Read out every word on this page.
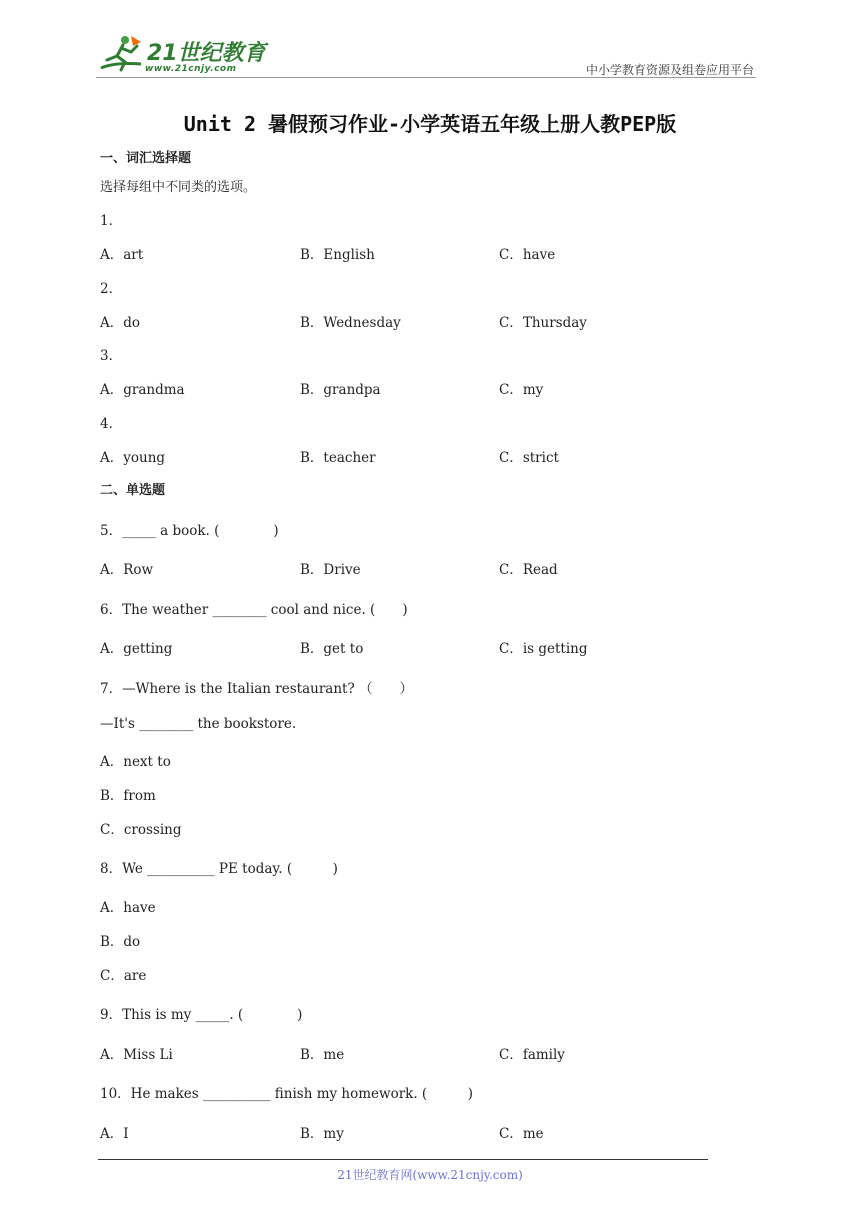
21世纪教育
www.21cnjy.com	中小学教育资源及组卷应用平台
Unit 2 暑假预习作业-小学英语五年级上册人教PEP版
一、词汇选择题
选择每组中不同类的选项。
1．
A．art	B．English	C．have
2．
A．do	B．Wednesday	C．Thursday
3．
A．grandma	B．grandpa	C．my
4．
A．young	B．teacher	C．strict
二、单选题
5．_____ a book. (　　　　)
A．Row	B．Drive	C．Read
6．The weather ________ cool and nice. (　　)
A．getting	B．get to	C．is getting
7．—Where is the Italian restaurant? （　　）
—It's ________ the bookstore.
A．next to
B．from
C．crossing
8．We __________ PE today. (　　　)
A．have
B．do
C．are
9．This is my _____. (　　　　)
A．Miss Li	B．me	C．family
10．He makes __________ finish my homework. (　　　)
A．I	B．my	C．me
21世纪教育网(www.21cnjy.com)
